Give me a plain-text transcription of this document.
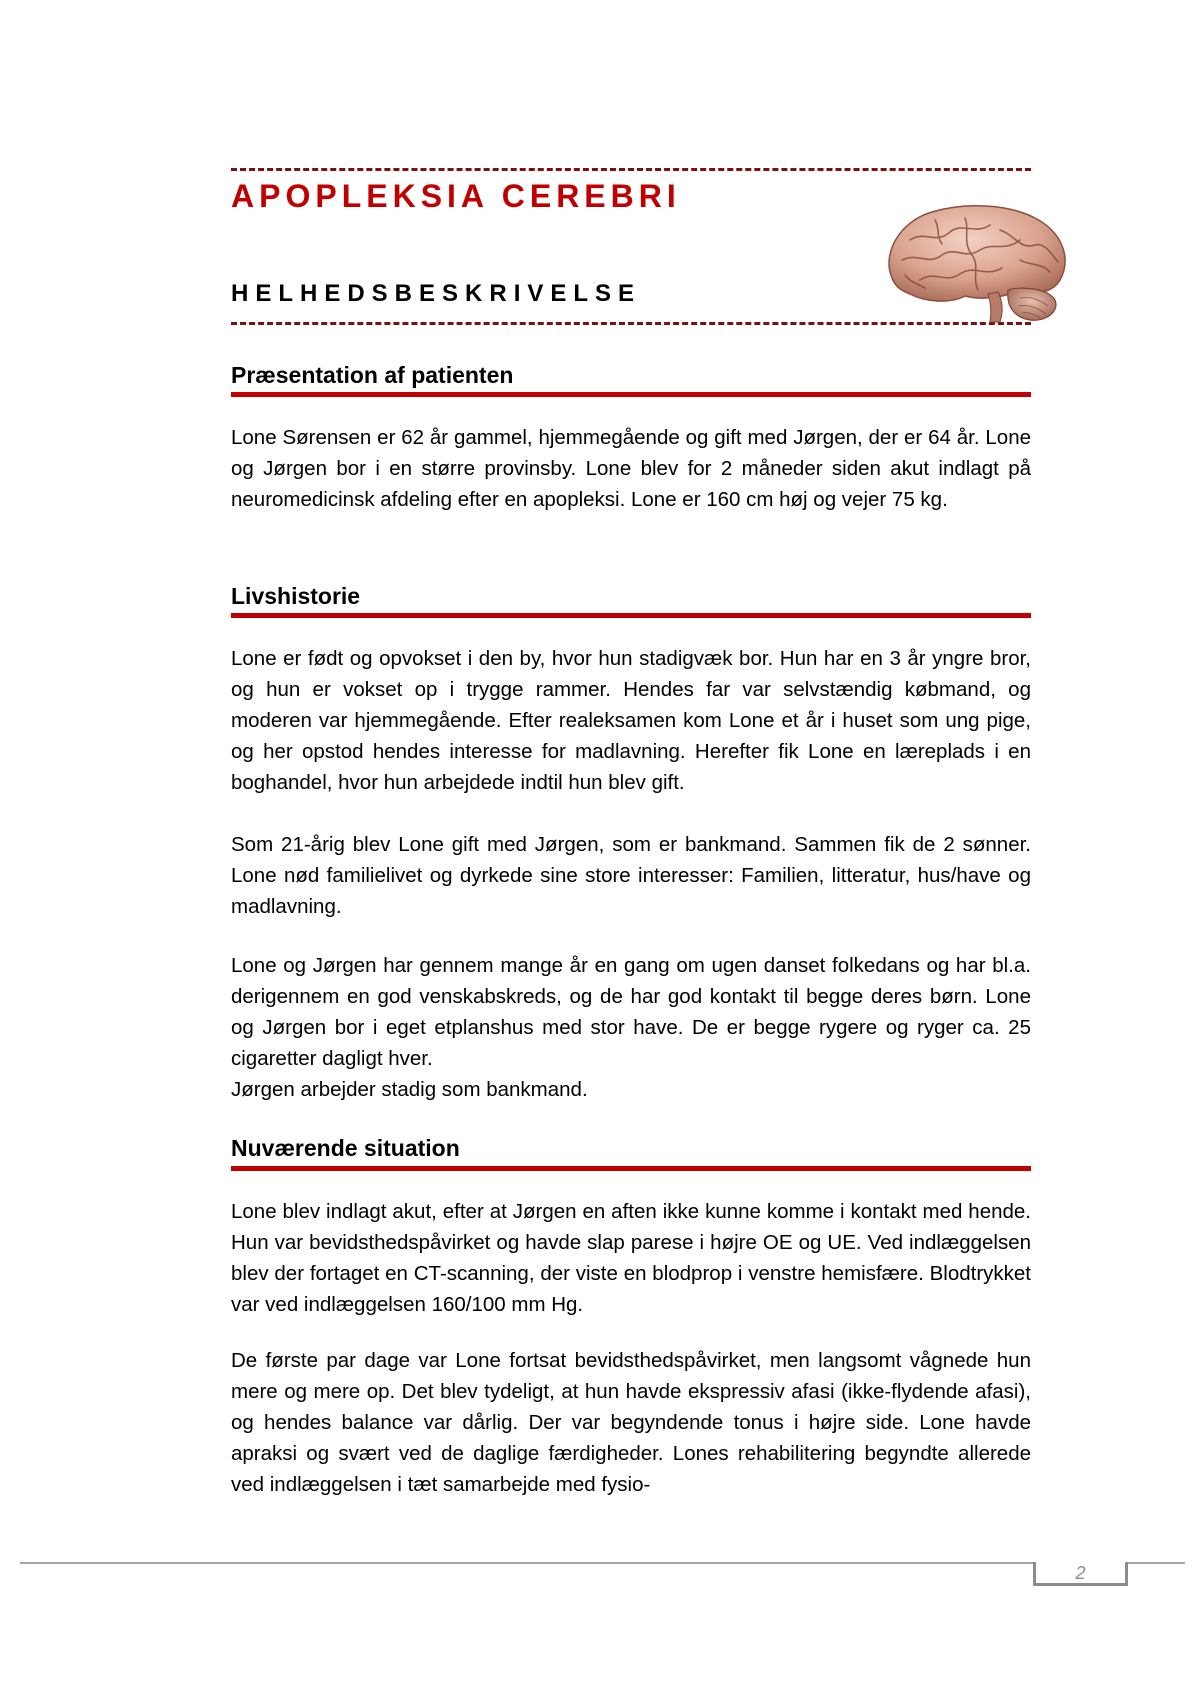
APOPLEKSIA CEREBRI
HELHEDSBESKRIVELSE
Præsentation af patienten

Lone Sørensen er 62 år gammel, hjemmegående og gift med Jørgen, der er 64 år. Lone og Jørgen bor i en større provinsby. Lone blev for 2 måneder siden akut indlagt på neuromedicinsk afdeling efter en apopleksi. Lone er 160 cm høj og vejer 75 kg.

Livshistorie

Lone er født og opvokset i den by, hvor hun stadigvæk bor. Hun har en 3 år yngre bror, og hun er vokset op i trygge rammer. Hendes far var selvstændig købmand, og moderen var hjemmegående. Efter realeksamen kom Lone et år i huset som ung pige, og her opstod hendes interesse for madlavning. Herefter fik Lone en læreplads i en boghandel, hvor hun arbejdede indtil hun blev gift.

Som 21-årig blev Lone gift med Jørgen, som er bankmand. Sammen fik de 2 sønner. Lone nød familielivet og dyrkede sine store interesser: Familien, litteratur, hus/have og madlavning.

Lone og Jørgen har gennem mange år en gang om ugen danset folkedans og har bl.a. derigennem en god venskabskreds, og de har god kontakt til begge deres børn. Lone og Jørgen bor i eget etplanshus med stor have. De er begge rygere og ryger ca. 25 cigaretter dagligt hver.

Jørgen arbejder stadig som bankmand.

Nuværende situation

Lone blev indlagt akut, efter at Jørgen en aften ikke kunne komme i kontakt med hende. Hun var bevidsthedspåvirket og havde slap parese i højre OE og UE. Ved indlæggelsen blev der fortaget en CT-scanning, der viste en blodprop i venstre hemisfære. Blodtrykket var ved indlæggelsen 160/100 mm Hg.

De første par dage var Lone fortsat bevidsthedspåvirket, men langsomt vågnede hun mere og mere op. Det blev tydeligt, at hun havde ekspressiv afasi (ikke-flydende afasi), og hendes balance var dårlig. Der var begyndende tonus i højre side. Lone havde apraksi og svært ved de daglige færdigheder. Lones rehabilitering begyndte allerede ved indlæggelsen i tæt samarbejde med fysio-

2
